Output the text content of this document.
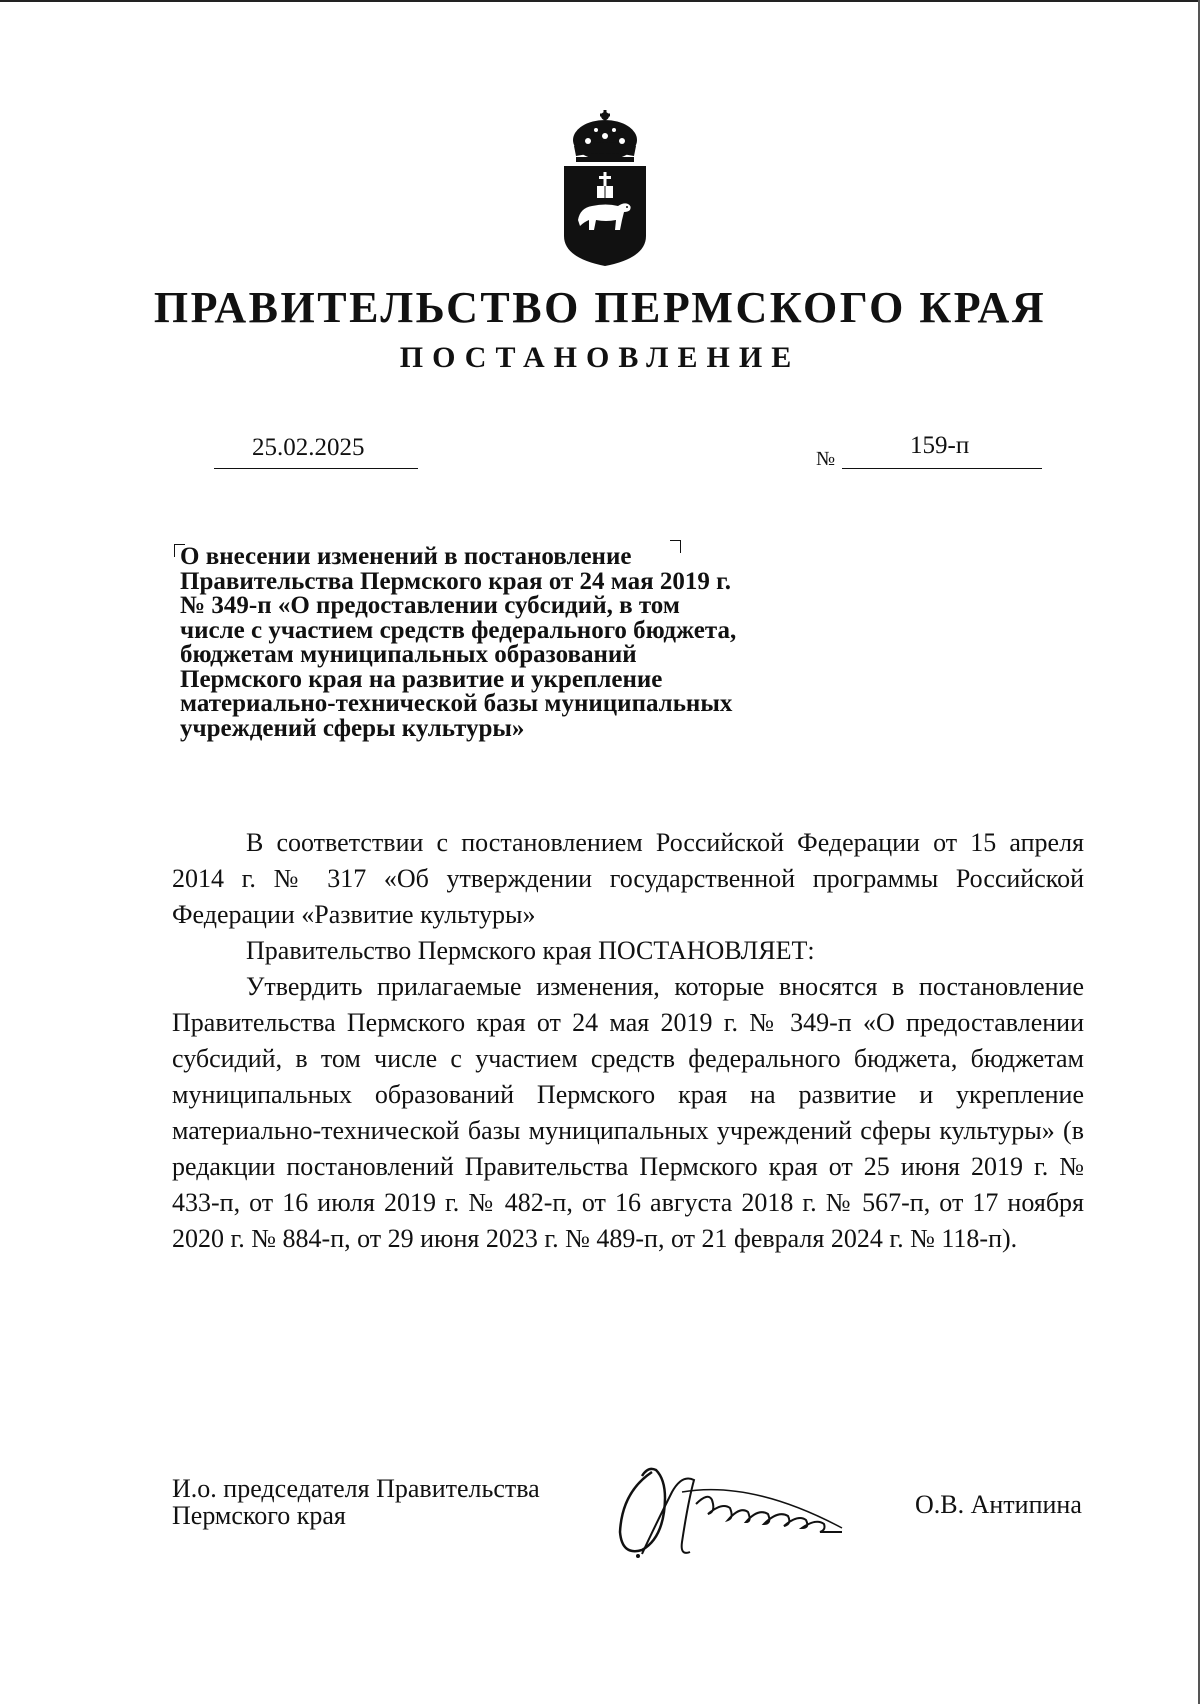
ПРАВИТЕЛЬСТВО ПЕРМСКОГО КРАЯ
ПОСТАНОВЛЕНИЕ
25.02.2025	№	159-п

О внесении изменений в постановление Правительства Пермского края от 24 мая 2019 г. № 349-п «О предоставлении субсидий, в том числе с участием средств федерального бюджета, бюджетам муниципальных образований Пермского края на развитие и укрепление материально-технической базы муниципальных учреждений сферы культуры»

В соответствии с постановлением Российской Федерации от 15 апреля 2014 г. № 317 «Об утверждении государственной программы Российской Федерации «Развитие культуры»

Правительство Пермского края ПОСТАНОВЛЯЕТ:

Утвердить прилагаемые изменения, которые вносятся в постановление Правительства Пермского края от 24 мая 2019 г. № 349-п «О предоставлении субсидий, в том числе с участием средств федерального бюджета, бюджетам муниципальных образований Пермского края на развитие и укрепление материально-технической базы муниципальных учреждений сферы культуры» (в редакции постановлений Правительства Пермского края от 25 июня 2019 г. № 433-п, от 16 июля 2019 г. № 482-п, от 16 августа 2018 г. № 567-п, от 17 ноября 2020 г. № 884-п, от 29 июня 2023 г. № 489-п, от 21 февраля 2024 г. № 118-п).

И.о. председателя Правительства
Пермского края	О.В. Антипина
